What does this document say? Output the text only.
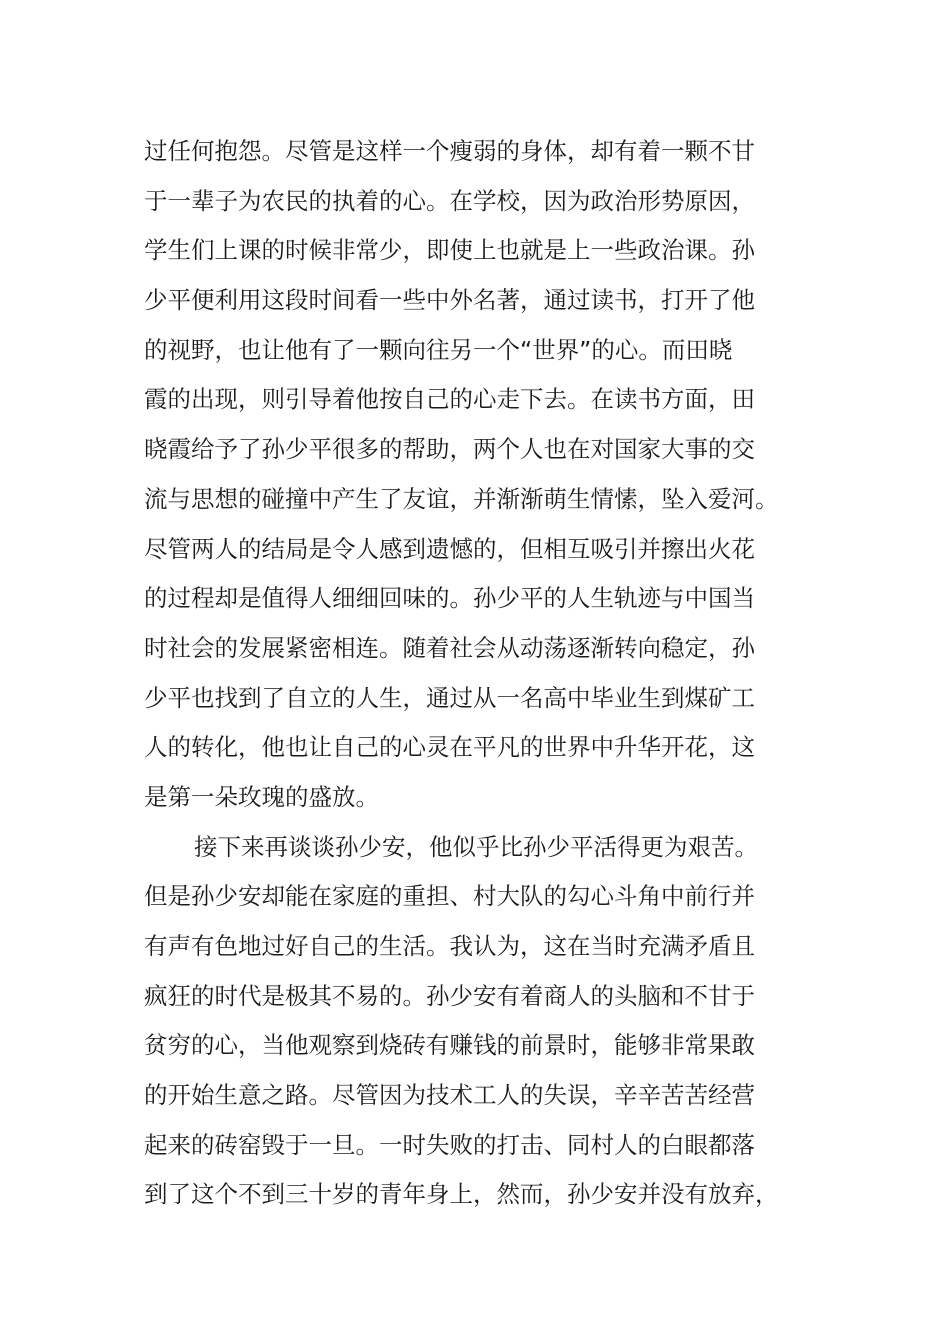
过任何抱怨。尽管是这样一个瘦弱的身体，却有着一颗不甘
于一辈子为农民的执着的心。在学校，因为政治形势原因，
学生们上课的时候非常少，即使上也就是上一些政治课。孙
少平便利用这段时间看一些中外名著，通过读书，打开了他
的视野，也让他有了一颗向往另一个“世界”的心。而田晓
霞的出现，则引导着他按自己的心走下去。在读书方面，田
晓霞给予了孙少平很多的帮助，两个人也在对国家大事的交
流与思想的碰撞中产生了友谊，并渐渐萌生情愫，坠入爱河。
尽管两人的结局是令人感到遗憾的，但相互吸引并擦出火花
的过程却是值得人细细回味的。孙少平的人生轨迹与中国当
时社会的发展紧密相连。随着社会从动荡逐渐转向稳定，孙
少平也找到了自立的人生，通过从一名高中毕业生到煤矿工
人的转化，他也让自己的心灵在平凡的世界中升华开花，这
是第一朵玫瑰的盛放。
接下来再谈谈孙少安，他似乎比孙少平活得更为艰苦。
但是孙少安却能在家庭的重担、村大队的勾心斗角中前行并
有声有色地过好自己的生活。我认为，这在当时充满矛盾且
疯狂的时代是极其不易的。孙少安有着商人的头脑和不甘于
贫穷的心，当他观察到烧砖有赚钱的前景时，能够非常果敢
的开始生意之路。尽管因为技术工人的失误，辛辛苦苦经营
起来的砖窑毁于一旦。一时失败的打击、同村人的白眼都落
到了这个不到三十岁的青年身上，然而，孙少安并没有放弃，
